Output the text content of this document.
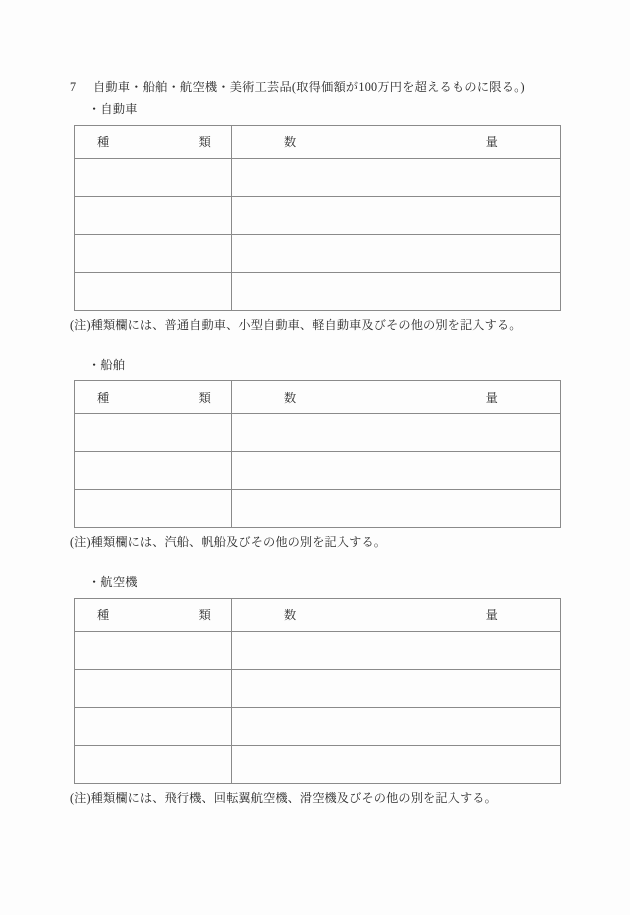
7	自動車・船舶・航空機・美術工芸品(取得価額が100万円を超えるものに限る。)
・自動車
種 類	数 量

(注)種類欄には、普通自動車、小型自動車、軽自動車及びその他の別を記入する。
・船舶
種 類	数 量

(注)種類欄には、汽船、帆船及びその他の別を記入する。
・航空機
種 類	数 量

(注)種類欄には、飛行機、回転翼航空機、滑空機及びその他の別を記入する。
